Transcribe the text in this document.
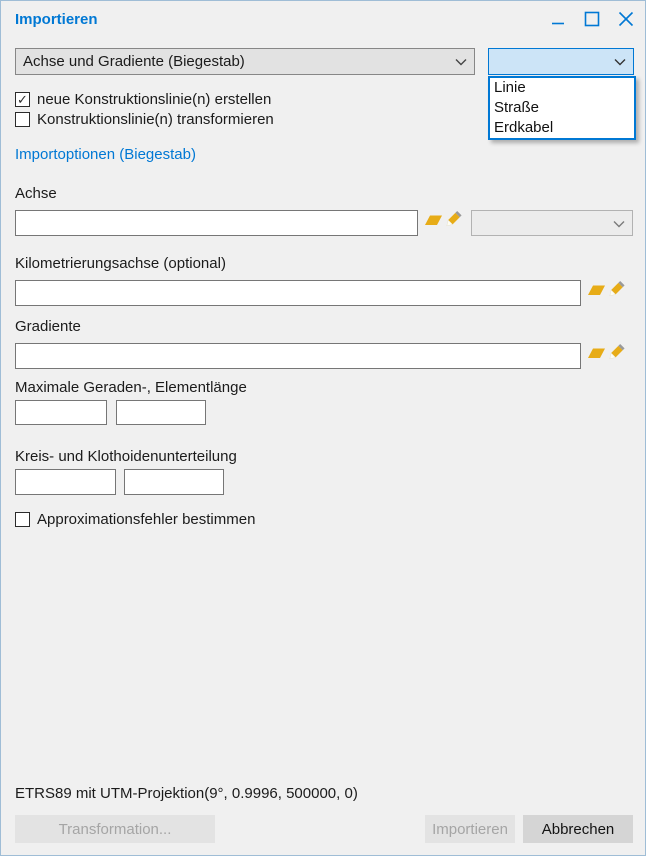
Importieren
Achse und Gradiente (Biegestab)
Linie
Straße
Erdkabel
✓ neue Konstruktionslinie(n) erstellen
Konstruktionslinie(n) transformieren
Importoptionen (Biegestab)
Achse
Kilometrierungsachse (optional)
Gradiente
Maximale Geraden-, Elementlänge
Kreis- und Klothoidenunterteilung
Approximationsfehler bestimmen
ETRS89 mit UTM-Projektion(9°, 0.9996, 500000, 0)
Transformation...	Importieren	Abbrechen
